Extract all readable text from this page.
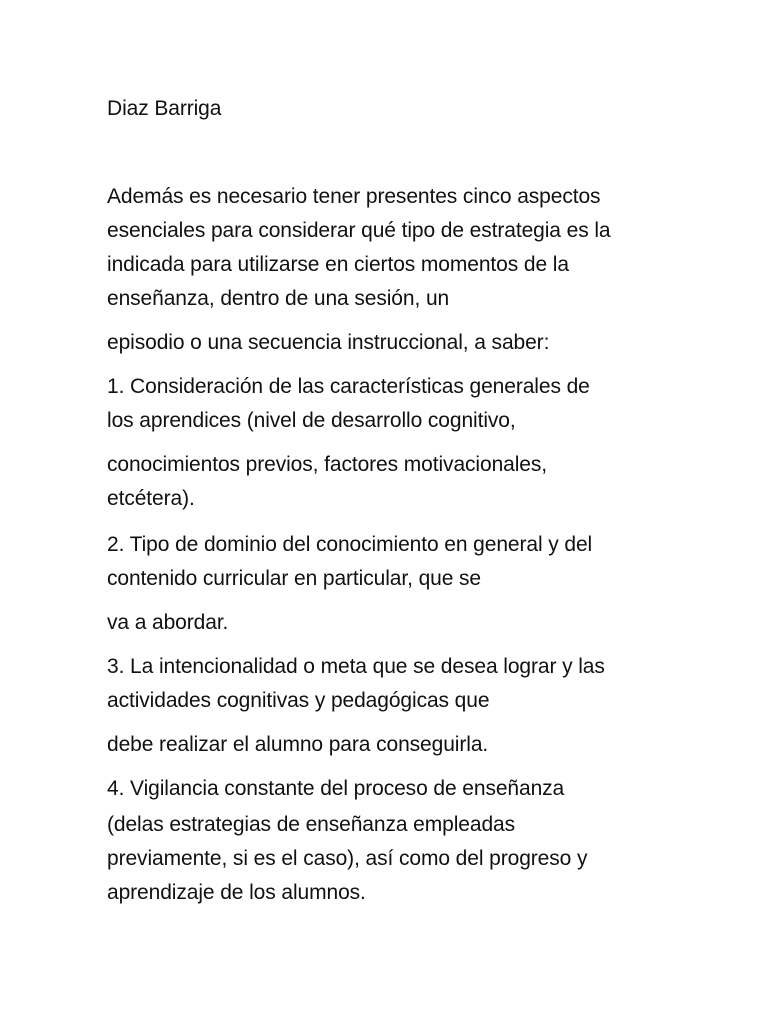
Diaz Barriga

Además es necesario tener presentes cinco aspectos

esenciales para considerar qué tipo de estrategia es la

indicada para utilizarse en ciertos momentos de la

enseñanza, dentro de una sesión, un

episodio o una secuencia instruccional, a saber:

1. Consideración de las características generales de

los aprendices (nivel de desarrollo cognitivo,

conocimientos previos, factores motivacionales,

etcétera).

2. Tipo de dominio del conocimiento en general y del

contenido curricular en particular, que se

va a abordar.

3. La intencionalidad o meta que se desea lograr y las

actividades cognitivas y pedagógicas que

debe realizar el alumno para conseguirla.

4. Vigilancia constante del proceso de enseñanza

(delas estrategias de enseñanza empleadas

previamente, si es el caso), así como del progreso y

aprendizaje de los alumnos.
